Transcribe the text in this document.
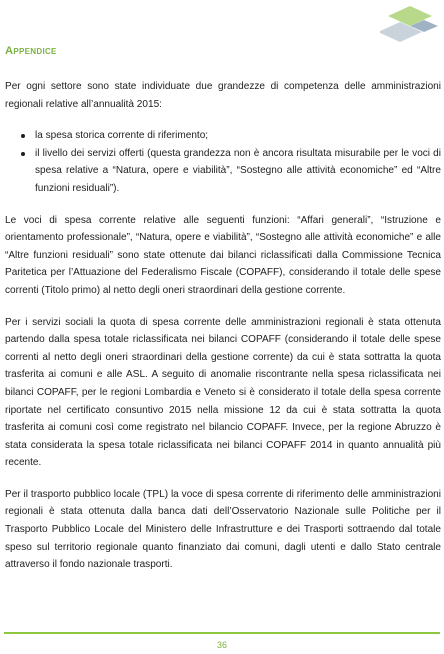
Appendice

Per ogni settore sono state individuate due grandezze di competenza delle amministrazioni regionali relative all’annualità 2015:

la spesa storica corrente di riferimento;
il livello dei servizi offerti (questa grandezza non è ancora risultata misurabile per le voci di spesa relative a “Natura, opere e viabilità”, “Sostegno alle attività economiche” ed “Altre funzioni residuali”).

Le voci di spesa corrente relative alle seguenti funzioni: “Affari generali”, “Istruzione e orientamento professionale”, “Natura, opere e viabilità”, “Sostegno alle attività economiche” e alle “Altre funzioni residuali” sono state ottenute dai bilanci riclassificati dalla Commissione Tecnica Paritetica per l’Attuazione del Federalismo Fiscale (COPAFF), considerando il totale delle spese correnti (Titolo primo) al netto degli oneri straordinari della gestione corrente.

Per i servizi sociali la quota di spesa corrente delle amministrazioni regionali è stata ottenuta partendo dalla spesa totale riclassificata nei bilanci COPAFF (considerando il totale delle spese correnti al netto degli oneri straordinari della gestione corrente) da cui è stata sottratta la quota trasferita ai comuni e alle ASL. A seguito di anomalie riscontrante nella spesa riclassificata nei bilanci COPAFF, per le regioni Lombardia e Veneto si è considerato il totale della spesa corrente riportate nel certificato consuntivo 2015 nella missione 12 da cui è stata sottratta la quota trasferita ai comuni così come registrato nel bilancio COPAFF. Invece, per la regione Abruzzo è stata considerata la spesa totale riclassificata nei bilanci COPAFF 2014 in quanto annualità più recente.

Per il trasporto pubblico locale (TPL) la voce di spesa corrente di riferimento delle amministrazioni regionali è stata ottenuta dalla banca dati dell’Osservatorio Nazionale sulle Politiche per il Trasporto Pubblico Locale del Ministero delle Infrastrutture e dei Trasporti sottraendo dal totale speso sul territorio regionale quanto finanziato dai comuni, dagli utenti e dallo Stato centrale attraverso il fondo nazionale trasporti.

36
